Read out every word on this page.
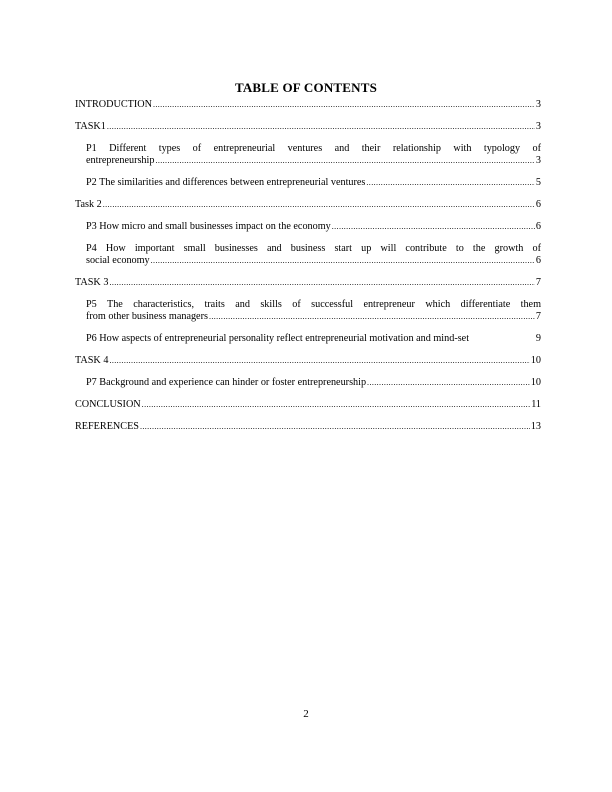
TABLE OF CONTENTS
INTRODUCTION .....	3
TASK1 .....	3
P1 Different types of entrepreneurial ventures and their relationship with typology of
entrepreneurship .....	3
P2 The similarities and differences between entrepreneurial ventures .....	5
Task 2 .....	6
P3 How micro and small businesses impact on the economy .....	6
P4 How important small businesses and business start up will contribute to the growth of
social economy .....	6
TASK 3 .....	7
P5 The characteristics, traits and skills of successful entrepreneur which differentiate them
from other business managers .....	7
P6 How aspects of entrepreneurial personality reflect entrepreneurial motivation and mind-set	9
TASK 4 .....	10
P7 Background and experience can hinder or foster entrepreneurship .....	10
CONCLUSION .....	11
REFERENCES .....	13
2
